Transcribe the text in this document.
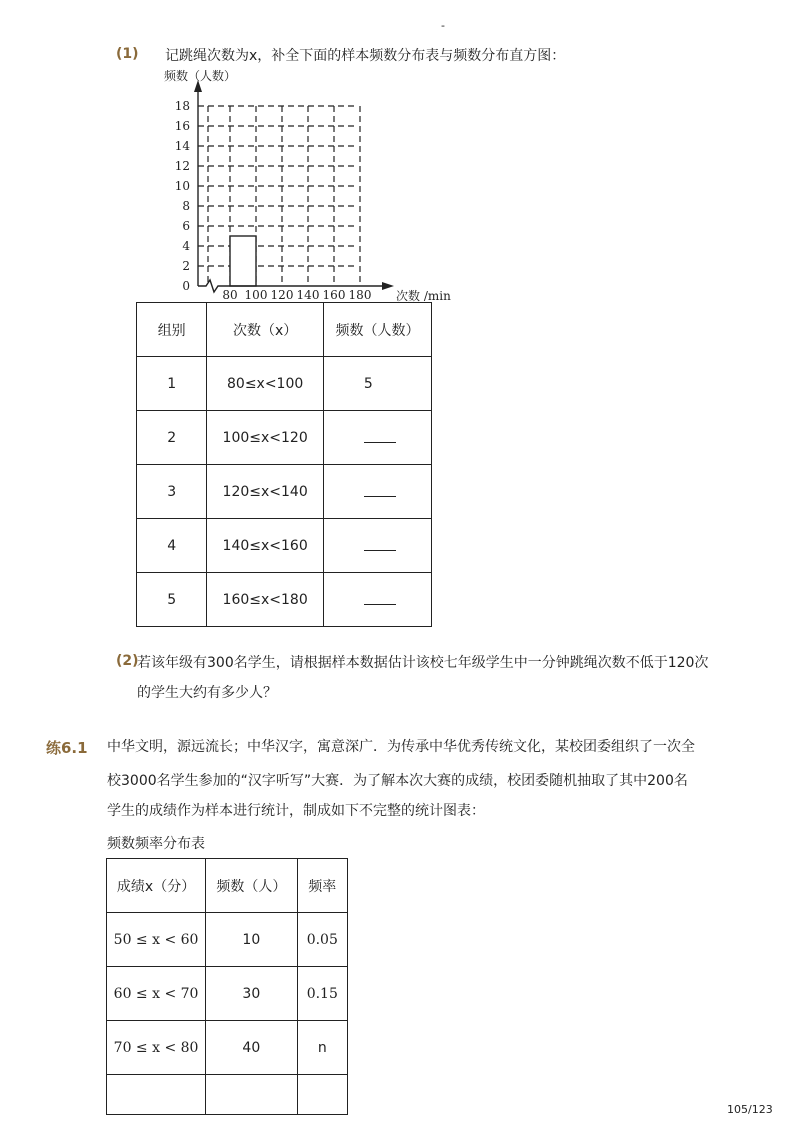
-
(1) 记跳绳次数为x，补全下面的样本频数分布表与频数分布直方图：
0
2
4
6
8
10
12
14
16
18
80 100 120 140 160 180
频数（人数）
次数 /min
组别	次数（x）	频数（人数）
1	80≤x<100	5
2	100≤x<120	
3	120≤x<140	
4	140≤x<160	
5	160≤x<180	
(2)
若该年级有300名学生，请根据样本数据估计该校七年级学生中一分钟跳绳次数不低于120次
的学生大约有多少人？
练6.1 中华文明，源远流长；中华汉字，寓意深广．为传承中华优秀传统文化，某校团委组织了一次全
校3000名学生参加的“汉字听写”大赛．为了解本次大赛的成绩，校团委随机抽取了其中200名
学生的成绩作为样本进行统计，制成如下不完整的统计图表：
频数频率分布表
成绩x（分）	频数（人）	频率
50 ≤ x < 60	10	0.05
60 ≤ x < 70	30	0.15
70 ≤ x < 80	40	n

105/123
